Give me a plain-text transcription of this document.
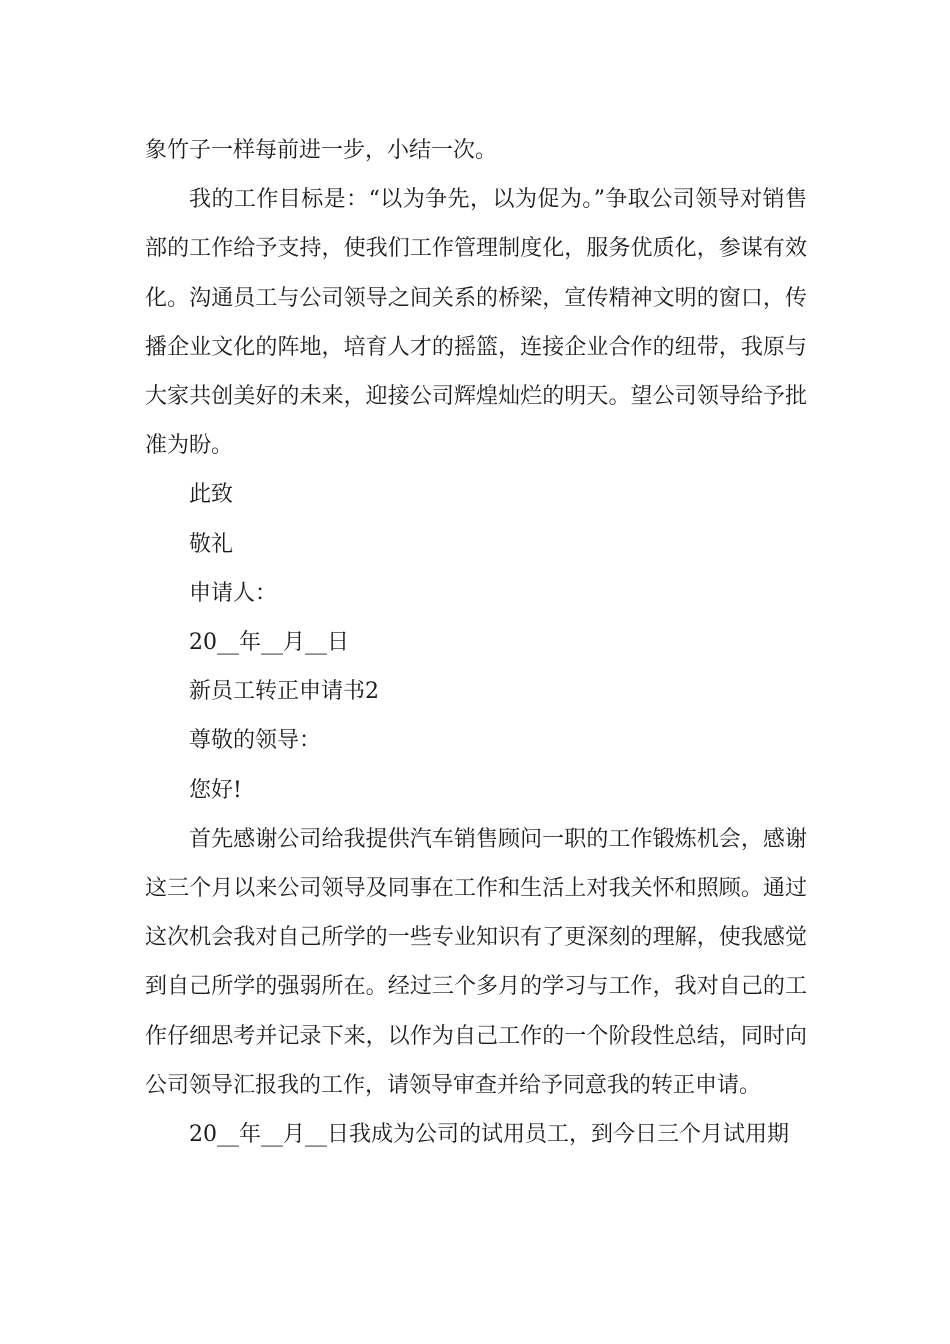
象竹子一样每前进一步，小结一次。

我的工作目标是：“以为争先，以为促为。”争取公司领导对销售部的工作给予支持，使我们工作管理制度化，服务优质化，参谋有效化。沟通员工与公司领导之间关系的桥梁，宣传精神文明的窗口，传播企业文化的阵地，培育人才的摇篮，连接企业合作的纽带，我原与大家共创美好的未来，迎接公司辉煌灿烂的明天。望公司领导给予批准为盼。

此致

敬礼

申请人：

20__年__月__日

新员工转正申请书2

尊敬的领导：

您好!

首先感谢公司给我提供汽车销售顾问一职的工作锻炼机会，感谢这三个月以来公司领导及同事在工作和生活上对我关怀和照顾。通过这次机会我对自己所学的一些专业知识有了更深刻的理解，使我感觉到自己所学的强弱所在。经过三个多月的学习与工作，我对自己的工作仔细思考并记录下来，以作为自己工作的一个阶段性总结，同时向公司领导汇报我的工作，请领导审查并给予同意我的转正申请。

20__年__月__日我成为公司的试用员工，到今日三个月试用期
